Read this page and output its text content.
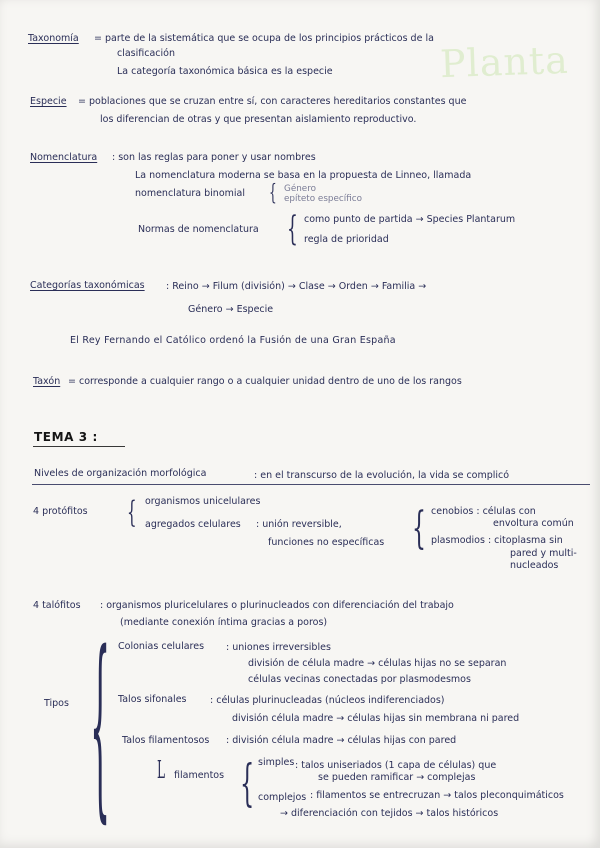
Planta
Taxonomía = parte de la sistemática que se ocupa de los principios prácticos de la
clasificación
La categoría taxonómica básica es la especie
Especie = poblaciones que se cruzan entre sí, con caracteres hereditarios constantes que
los diferencian de otras y que presentan aislamiento reproductivo.
Nomenclatura : son las reglas para poner y usar nombres
La nomenclatura moderna se basa en la propuesta de Linneo, llamada
nomenclatura binomial { Género
epíteto específico
Normas de nomenclatura { como punto de partida → Species Plantarum
regla de prioridad
Categorías taxonómicas : Reino → Filum (división) → Clase → Orden → Familia →
Género → Especie
El Rey Fernando el Católico ordenó la Fusión de una Gran España
Taxón = corresponde a cualquier rango o a cualquier unidad dentro de uno de los rangos
TEMA 3 :
Niveles de organización morfológica	: en el transcurso de la evolución, la vida se complicó
4 protófitos { organismos unicelulares
agregados celulares : unión reversible,
funciones no específicas { cenobios : células con
envoltura común
plasmodios : citoplasma sin
pared y multi-
nucleados
4 talófitos : organismos pluricelulares o plurinucleados con diferenciación del trabajo
(mediante conexión íntima gracias a poros)
Tipos { Colonias celulares : uniones irreversibles
división de célula madre → células hijas no se separan
células vecinas conectadas por plasmodesmos
Talos sifonales : células plurinucleadas (núcleos indiferenciados)
división célula madre → células hijas sin membrana ni pared
Talos filamentosos : división célula madre → células hijas con pared
L filamentos { simples : talos uniseriados (1 capa de células) que
se pueden ramificar → complejas
complejos : filamentos se entrecruzan → talos pleconquimáticos
→ diferenciación con tejidos → talos históricos
